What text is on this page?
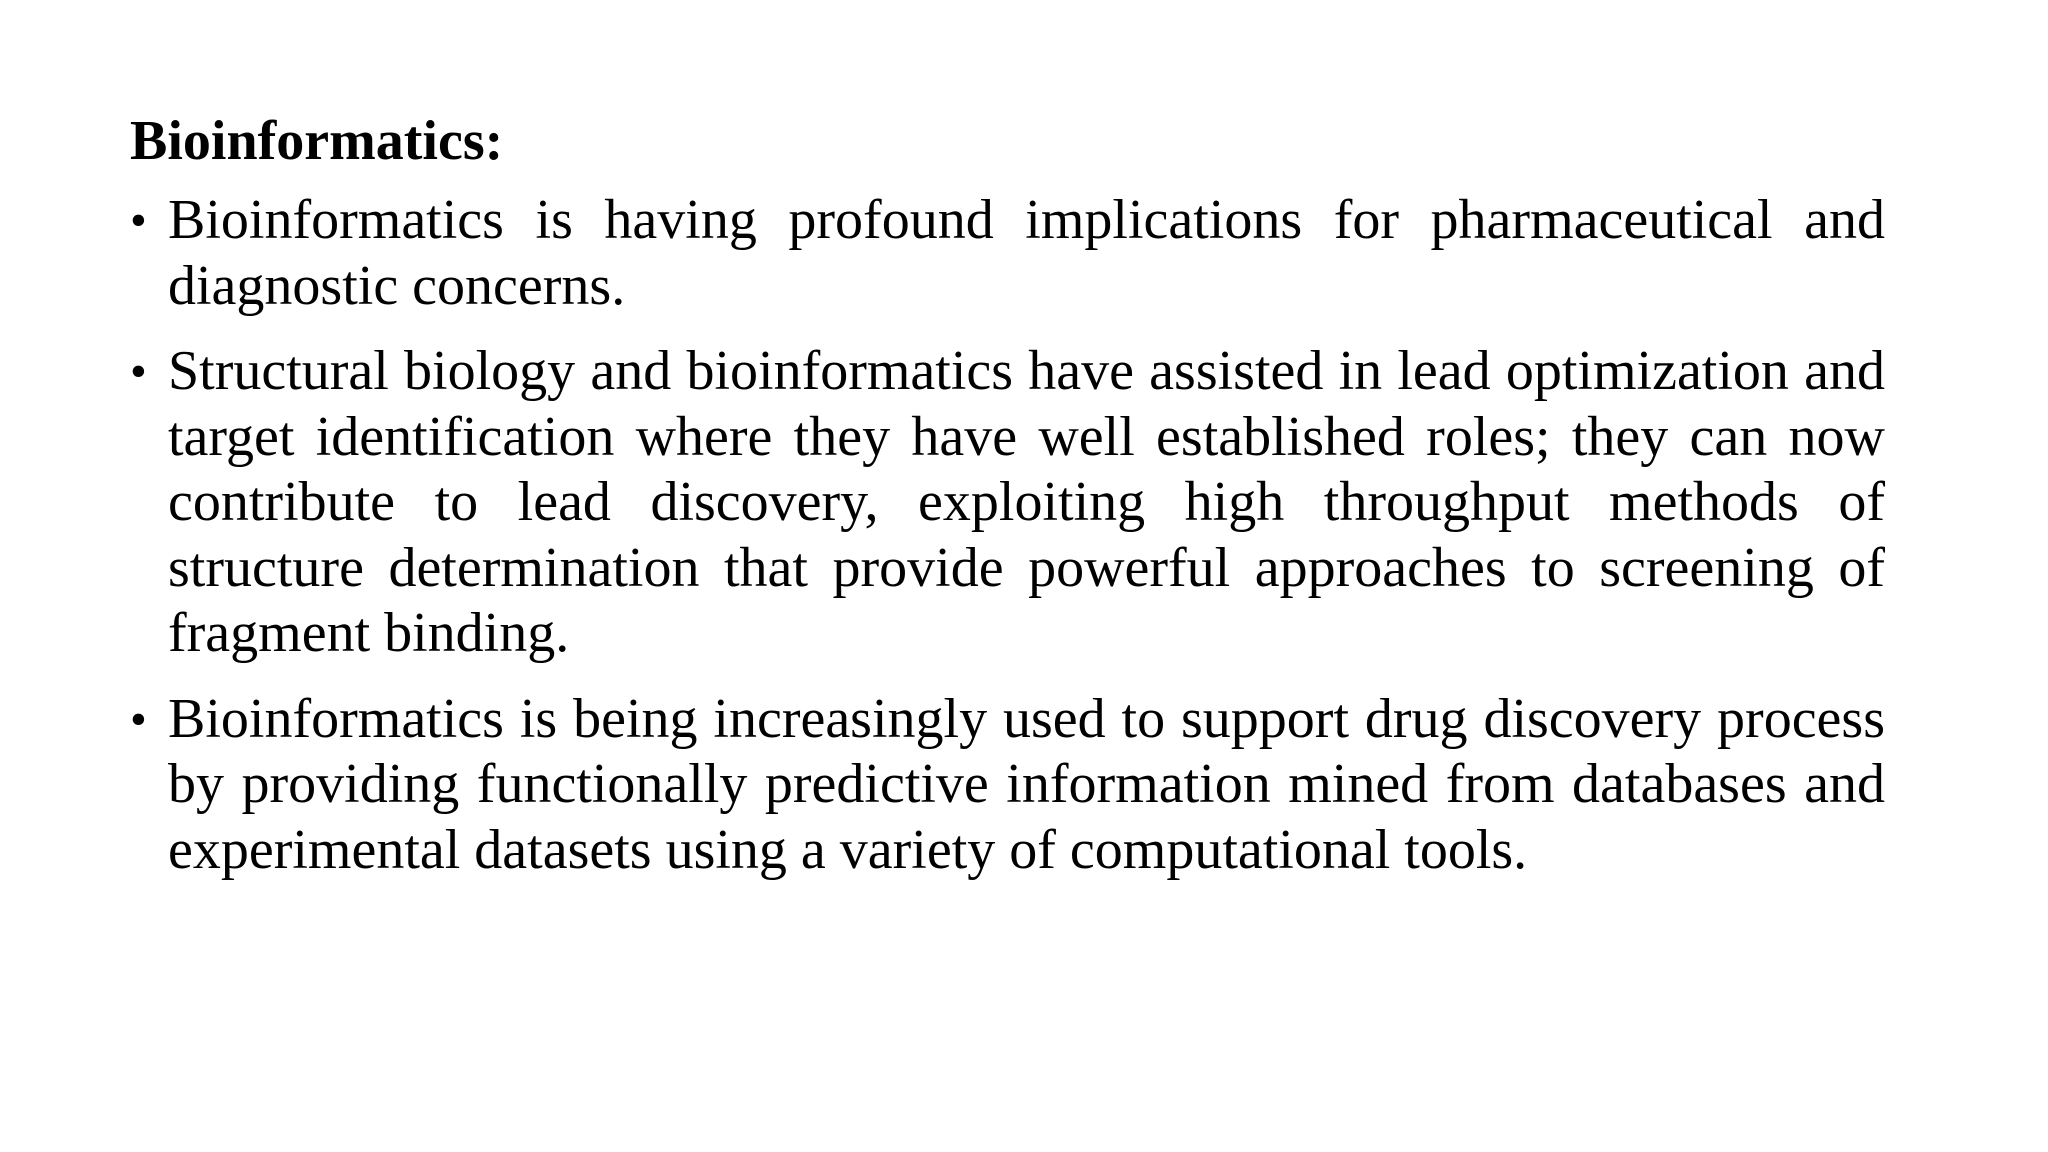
Bioinformatics:
• Bioinformatics is having profound implications for pharmaceutical and diagnostic concerns.
• Structural biology and bioinformatics have assisted in lead optimization and target identification where they have well established roles; they can now contribute to lead discovery, exploiting high throughput methods of structure determination that provide powerful approaches to screening of fragment binding.
• Bioinformatics is being increasingly used to support drug discovery process by providing functionally predictive information mined from databases and experimental datasets using a variety of computational tools.
